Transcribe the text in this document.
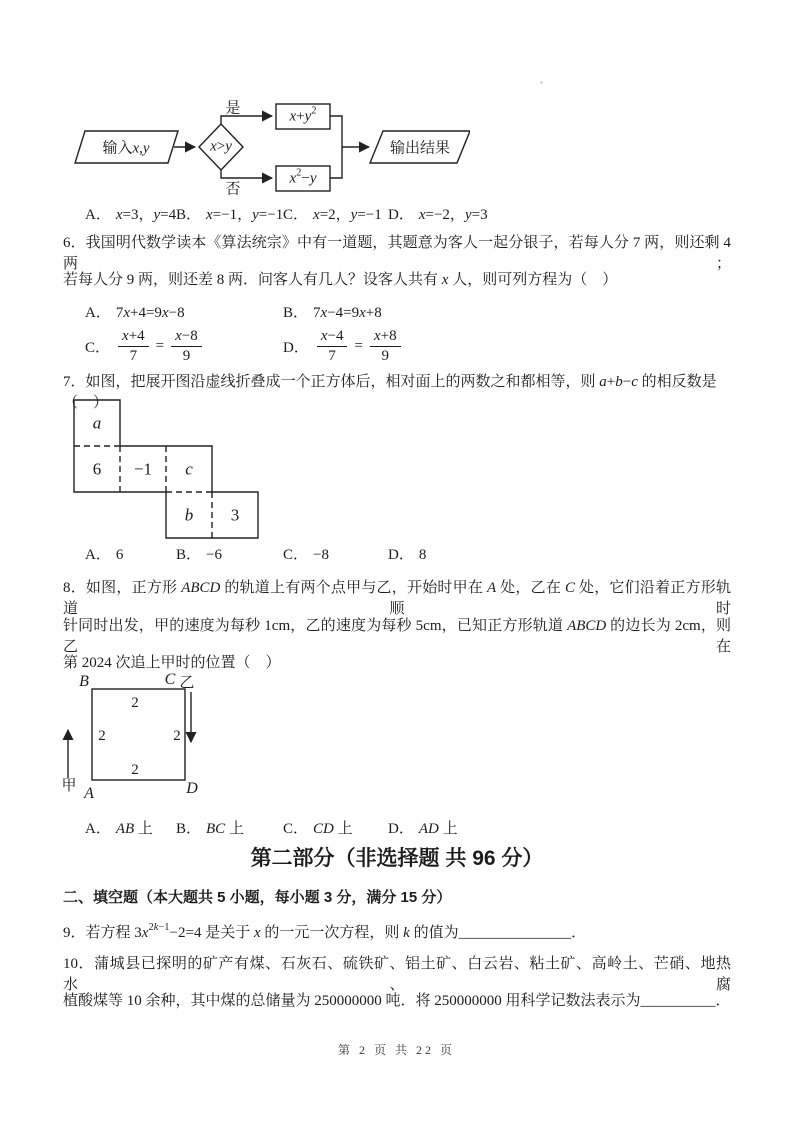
输入x,y	x>y
是
否
$x+y^2$
$x^2-y$
输出结果
A． x=3，y=4 B． x=−1，y=−1 C． x=2，y=−1 D． x=−2，y=3
6．我国明代数学读本《算法统宗》中有一道题，其题意为客人一起分银子，若每人分 7 两，则还剩 4 两；
若每人分 9 两，则还差 8 两．问客人有几人？设客人共有 x 人，则可列方程为（　）
A． 7x+4=9x−8	B． 7x−4=9x+8
C． $\frac{x+4}{7} = \frac{x-8}{9}$	D． $\frac{x-4}{7} = \frac{x+8}{9}$
7．如图，把展开图沿虚线折叠成一个正方体后，相对面上的两数之和都相等，则 a+b−c 的相反数是（　）
a
6 −1 c
b 3
A． 6	B． −6	C． −8	D． 8
8．如图，正方形 ABCD 的轨道上有两个点甲与乙，开始时甲在 A 处，乙在 C 处，它们沿着正方形轨道顺时
针同时出发，甲的速度为每秒 1cm，乙的速度为每秒 5cm，已知正方形轨道 ABCD 的边长为 2cm，则乙在
第 2024 次追上甲时的位置（　）
B	C 乙
A
甲	D
2
2	2
2
A． AB 上 B． BC 上	C． CD 上 D． AD 上
第二部分（非选择题 共 96 分）
二、填空题（本大题共 5 小题，每小题 3 分，满分 15 分）
9．若方程 $3x^{2k-1}-2=4$ 是关于 x 的一元一次方程，则 k 的值为_______________．
10．蒲城县已探明的矿产有煤、石灰石、硫铁矿、铝土矿、白云岩、粘土矿、高岭土、芒硝、地热水、腐
植酸煤等 10 余种，其中煤的总储量为 250000000 吨．将 250000000 用科学记数法表示为__________．
第 2 页 共 22 页
